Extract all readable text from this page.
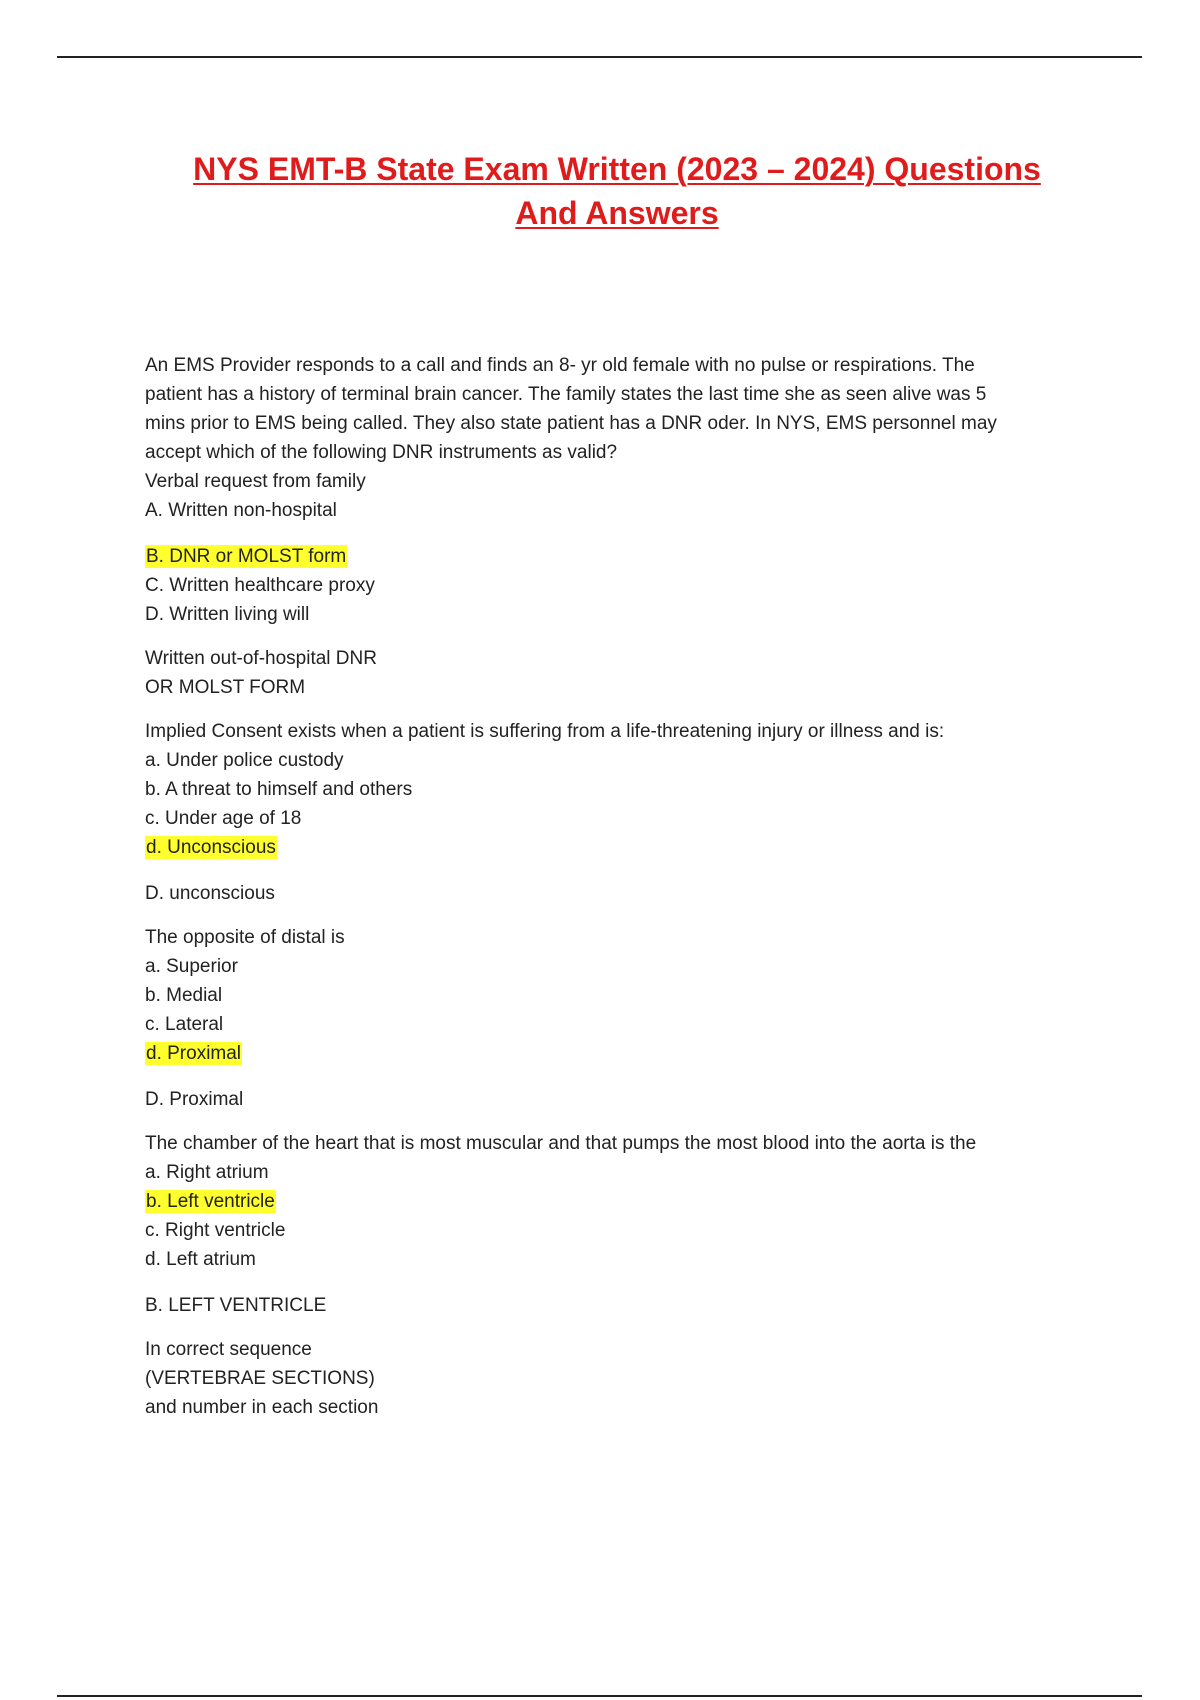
NYS EMT-B State Exam Written (2023 – 2024) Questions
And Answers
An EMS Provider responds to a call and finds an 8- yr old female with no pulse or respirations. The
patient has a history of terminal brain cancer. The family states the last time she as seen alive was 5
mins prior to EMS being called. They also state patient has a DNR oder. In NYS, EMS personnel may
accept which of the following DNR instruments as valid?
Verbal request from family
A. Written non-hospital
B. DNR or MOLST form
C. Written healthcare proxy
D. Written living will
Written out-of-hospital DNR
OR MOLST FORM
Implied Consent exists when a patient is suffering from a life-threatening injury or illness and is:
a. Under police custody
b. A threat to himself and others
c. Under age of 18
d. Unconscious
D. unconscious
The opposite of distal is
a. Superior
b. Medial
c. Lateral
d. Proximal
D. Proximal
The chamber of the heart that is most muscular and that pumps the most blood into the aorta is the
a. Right atrium
b. Left ventricle
c. Right ventricle
d. Left atrium
B. LEFT VENTRICLE
In correct sequence
(VERTEBRAE SECTIONS)
and number in each section
